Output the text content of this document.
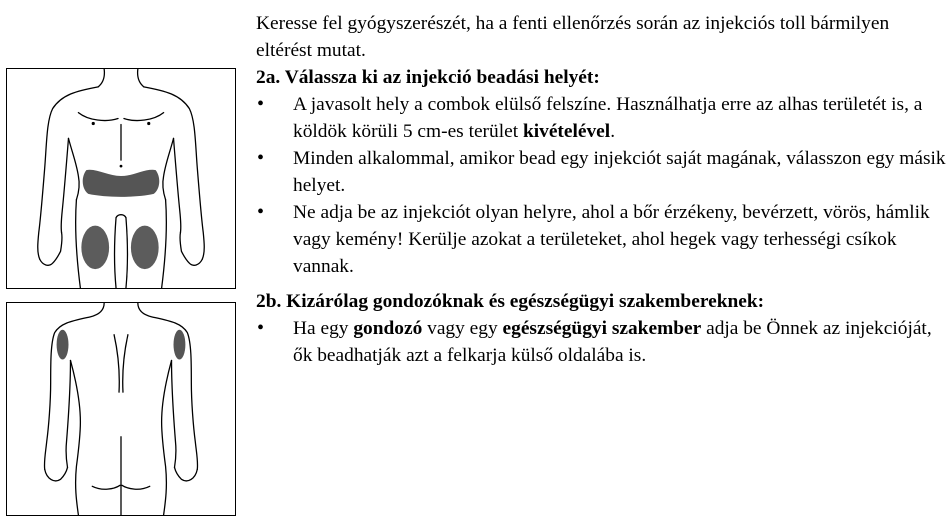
Keresse fel gyógyszerészét, ha a fenti ellenőrzés során az injekciós toll bármilyen eltérést mutat.

2a. Válassza ki az injekció beadási helyét:

• A javasolt hely a combok elülső felszíne. Használhatja erre az alhas területét is, a köldök körüli 5 cm-es terület kivételével.
• Minden alkalommal, amikor bead egy injekciót saját magának, válasszon egy másik helyet.
• Ne adja be az injekciót olyan helyre, ahol a bőr érzékeny, bevérzett, vörös, hámlik vagy kemény! Kerülje azokat a területeket, ahol hegek vagy terhességi csíkok vannak.

2b. Kizárólag gondozóknak és egészségügyi szakembereknek:

• Ha egy gondozó vagy egy egészségügyi szakember adja be Önnek az injekcióját, ők beadhatják azt a felkarja külső oldalába is.
